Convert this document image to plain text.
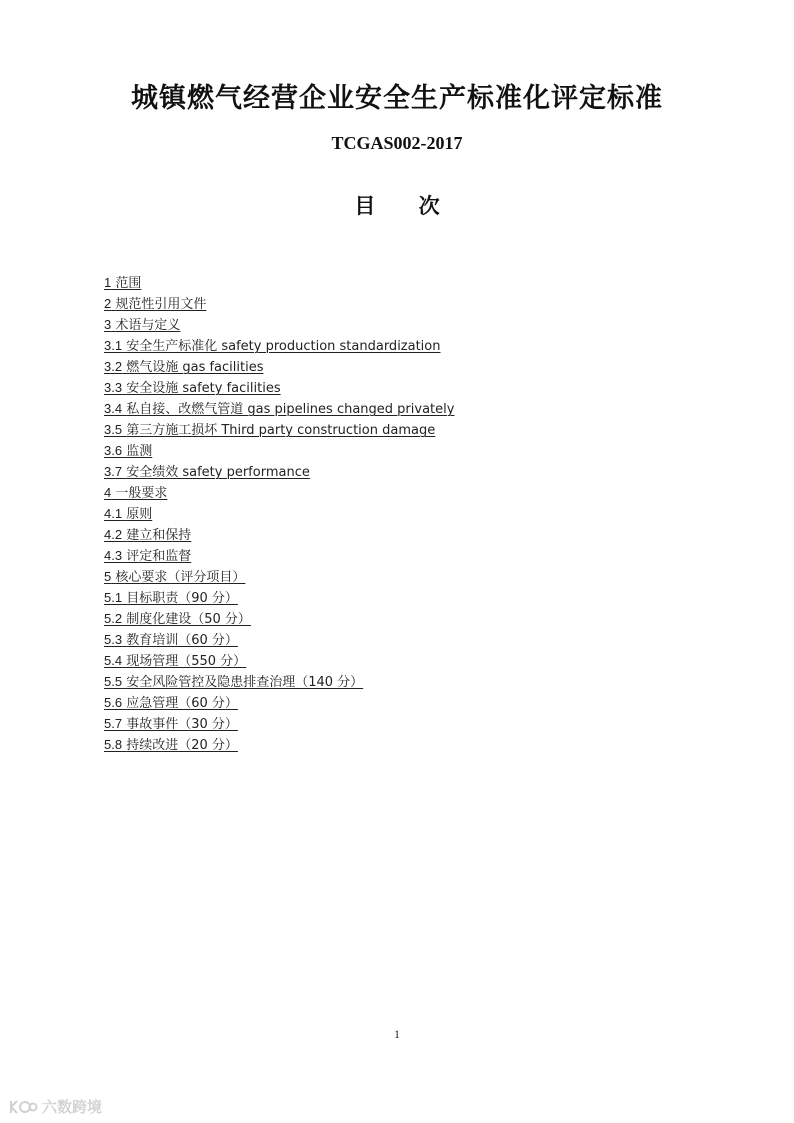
城镇燃气经营企业安全生产标准化评定标准
TCGAS002-2017
目 次
1 范围
2 规范性引用文件
3 术语与定义
3.1 安全生产标准化 safety production standardization
3.2 燃气设施 gas facilities
3.3 安全设施 safety facilities
3.4 私自接、改燃气管道 gas pipelines changed privately
3.5 第三方施工损坏 Third party construction damage
3.6 监测
3.7 安全绩效 safety performance
4 一般要求
4.1 原则
4.2 建立和保持
4.3 评定和监督
5 核心要求（评分项目）
5.1 目标职责（90 分）
5.2 制度化建设（50 分）
5.3 教育培训（60 分）
5.4 现场管理（550 分）
5.5 安全风险管控及隐患排查治理（140 分）
5.6 应急管理（60 分）
5.7 事故事件（30 分）
5.8 持续改进（20 分）
1
六数跨境
